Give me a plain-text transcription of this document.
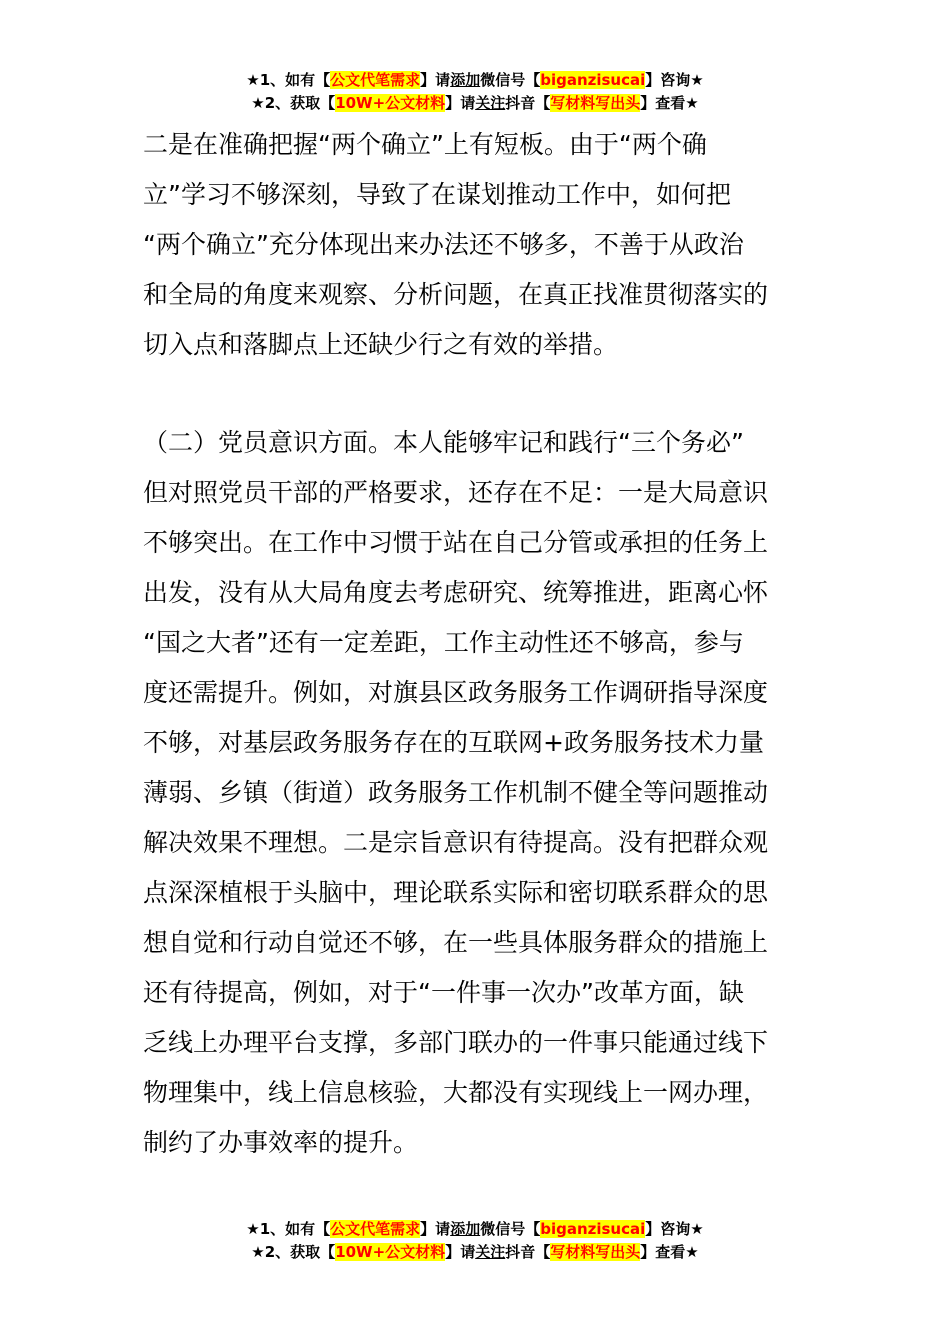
★1、如有【公文代笔需求】请添加微信号【biganzisucai】咨询★
★2、获取【10W+公文材料】请关注抖音【写材料写出头】查看★

二是在准确把握“两个确立”上有短板。由于“两个确
立”学习不够深刻，导致了在谋划推动工作中，如何把
“两个确立”充分体现出来办法还不够多，不善于从政治
和全局的角度来观察、分析问题，在真正找准贯彻落实的
切入点和落脚点上还缺少行之有效的举措。

（二）党员意识方面。本人能够牢记和践行“三个务必”
但对照党员干部的严格要求，还存在不足：一是大局意识
不够突出。在工作中习惯于站在自己分管或承担的任务上
出发，没有从大局角度去考虑研究、统筹推进，距离心怀
“国之大者”还有一定差距，工作主动性还不够高，参与
度还需提升。例如，对旗县区政务服务工作调研指导深度
不够，对基层政务服务存在的互联网+政务服务技术力量
薄弱、乡镇（街道）政务服务工作机制不健全等问题推动
解决效果不理想。二是宗旨意识有待提高。没有把群众观
点深深植根于头脑中，理论联系实际和密切联系群众的思
想自觉和行动自觉还不够，在一些具体服务群众的措施上
还有待提高，例如，对于“一件事一次办”改革方面，缺
乏线上办理平台支撑，多部门联办的一件事只能通过线下
物理集中，线上信息核验，大都没有实现线上一网办理，
制约了办事效率的提升。

★1、如有【公文代笔需求】请添加微信号【biganzisucai】咨询★
★2、获取【10W+公文材料】请关注抖音【写材料写出头】查看★
